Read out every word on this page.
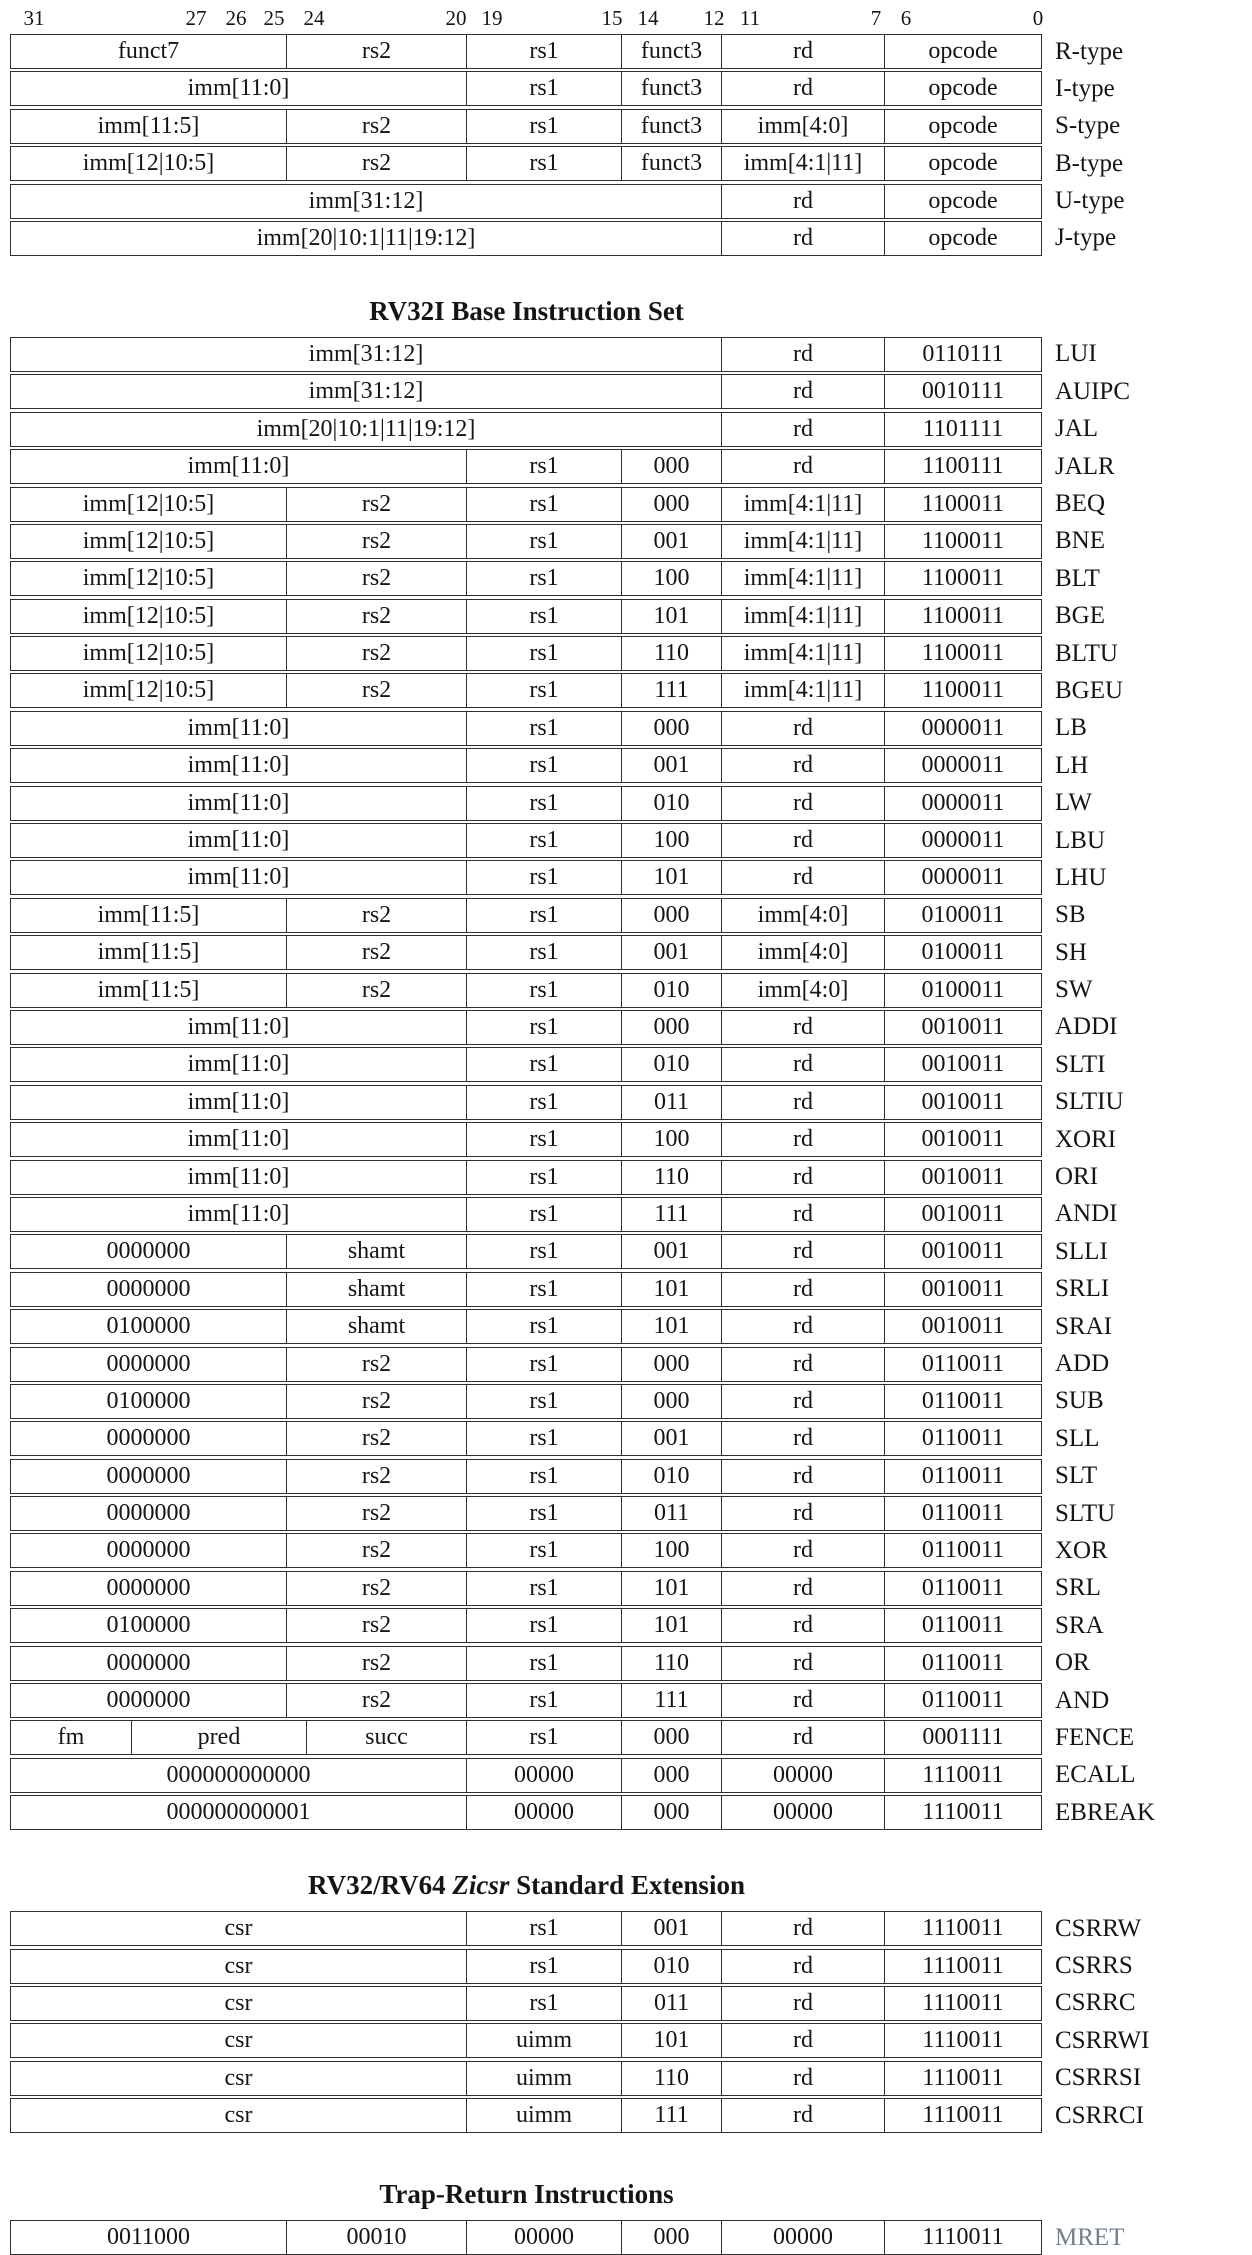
31	27 26 25 24	20 19	15 14 12 11	7 6	0
funct7	rs2	rs1	funct3	rd	opcode	R-type
imm[11:0]	rs1	funct3	rd	opcode	I-type
imm[11:5]	rs2	rs1	funct3	imm[4:0]	opcode	S-type
imm[12|10:5]	rs2	rs1	funct3	imm[4:1|11]	opcode	B-type
imm[31:12]	rd	opcode	U-type
imm[20|10:1|11|19:12]	rd	opcode	J-type
RV32I Base Instruction Set
imm[31:12]	rd	0110111	LUI
imm[31:12]	rd	0010111	AUIPC
imm[20|10:1|11|19:12]	rd	1101111	JAL
imm[11:0]	rs1	000	rd	1100111	JALR
imm[12|10:5]	rs2	rs1	000	imm[4:1|11]	1100011	BEQ
imm[12|10:5]	rs2	rs1	001	imm[4:1|11]	1100011	BNE
imm[12|10:5]	rs2	rs1	100	imm[4:1|11]	1100011	BLT
imm[12|10:5]	rs2	rs1	101	imm[4:1|11]	1100011	BGE
imm[12|10:5]	rs2	rs1	110	imm[4:1|11]	1100011	BLTU
imm[12|10:5]	rs2	rs1	111	imm[4:1|11]	1100011	BGEU
imm[11:0]	rs1	000	rd	0000011	LB
imm[11:0]	rs1	001	rd	0000011	LH
imm[11:0]	rs1	010	rd	0000011	LW
imm[11:0]	rs1	100	rd	0000011	LBU
imm[11:0]	rs1	101	rd	0000011	LHU
imm[11:5]	rs2	rs1	000	imm[4:0]	0100011	SB
imm[11:5]	rs2	rs1	001	imm[4:0]	0100011	SH
imm[11:5]	rs2	rs1	010	imm[4:0]	0100011	SW
imm[11:0]	rs1	000	rd	0010011	ADDI
imm[11:0]	rs1	010	rd	0010011	SLTI
imm[11:0]	rs1	011	rd	0010011	SLTIU
imm[11:0]	rs1	100	rd	0010011	XORI
imm[11:0]	rs1	110	rd	0010011	ORI
imm[11:0]	rs1	111	rd	0010011	ANDI
0000000	shamt	rs1	001	rd	0010011	SLLI
0000000	shamt	rs1	101	rd	0010011	SRLI
0100000	shamt	rs1	101	rd	0010011	SRAI
0000000	rs2	rs1	000	rd	0110011	ADD
0100000	rs2	rs1	000	rd	0110011	SUB
0000000	rs2	rs1	001	rd	0110011	SLL
0000000	rs2	rs1	010	rd	0110011	SLT
0000000	rs2	rs1	011	rd	0110011	SLTU
0000000	rs2	rs1	100	rd	0110011	XOR
0000000	rs2	rs1	101	rd	0110011	SRL
0100000	rs2	rs1	101	rd	0110011	SRA
0000000	rs2	rs1	110	rd	0110011	OR
0000000	rs2	rs1	111	rd	0110011	AND
fm	pred	succ	rs1	000	rd	0001111	FENCE
000000000000	00000	000	00000	1110011	ECALL
000000000001	00000	000	00000	1110011	EBREAK
RV32/RV64 Zicsr Standard Extension
csr	rs1	001	rd	1110011	CSRRW
csr	rs1	010	rd	1110011	CSRRS
csr	rs1	011	rd	1110011	CSRRC
csr	uimm	101	rd	1110011	CSRRWI
csr	uimm	110	rd	1110011	CSRRSI
csr	uimm	111	rd	1110011	CSRRCI
Trap-Return Instructions
0011000	00010	00000	000	00000	1110011	MRET
